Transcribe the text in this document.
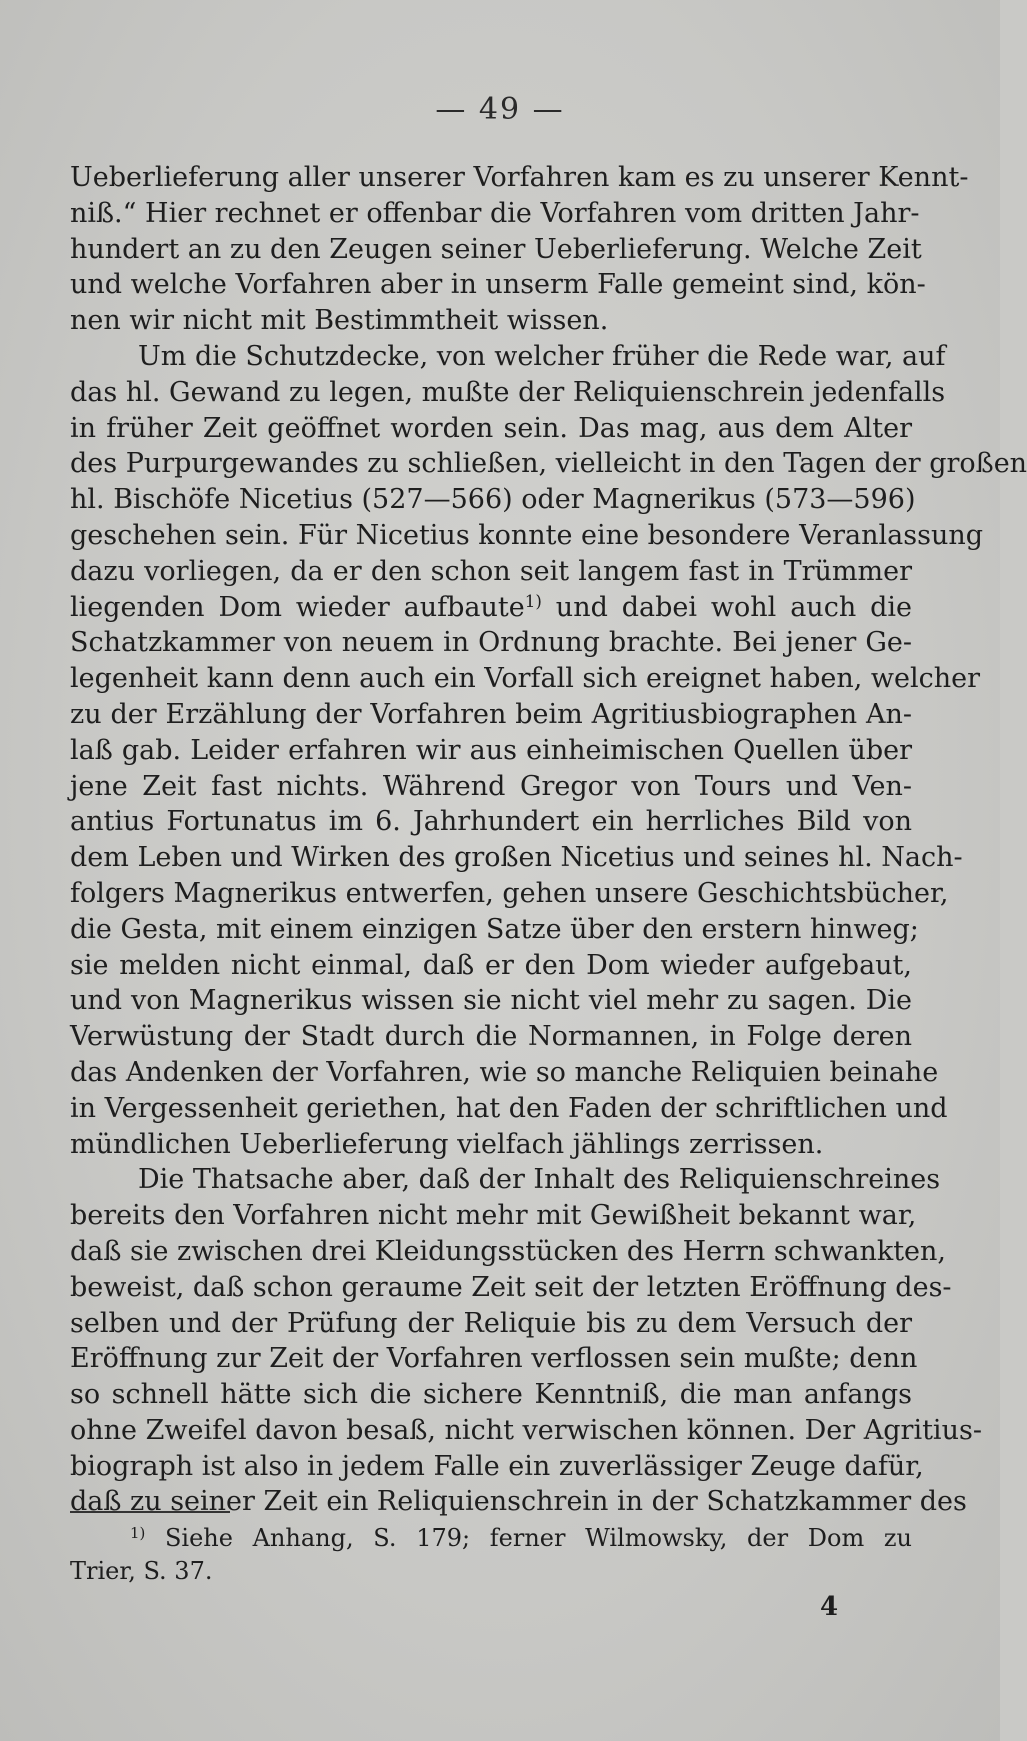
— 49 —
Ueberlieferung aller unserer Vorfahren kam es zu unserer Kennt-
niß.“ Hier rechnet er offenbar die Vorfahren vom dritten Jahr-
hundert an zu den Zeugen seiner Ueberlieferung. Welche Zeit
und welche Vorfahren aber in unserm Falle gemeint sind, kön-
nen wir nicht mit Bestimmtheit wissen.
Um die Schutzdecke, von welcher früher die Rede war, auf
das hl. Gewand zu legen, mußte der Reliquienschrein jedenfalls
in früher Zeit geöffnet worden sein. Das mag, aus dem Alter
des Purpurgewandes zu schließen, vielleicht in den Tagen der großen
hl. Bischöfe Nicetius (527—566) oder Magnerikus (573—596)
geschehen sein. Für Nicetius konnte eine besondere Veranlassung
dazu vorliegen, da er den schon seit langem fast in Trümmer
liegenden Dom wieder aufbaute$^{1)}$ und dabei wohl auch die
Schatzkammer von neuem in Ordnung brachte. Bei jener Ge-
legenheit kann denn auch ein Vorfall sich ereignet haben, welcher
zu der Erzählung der Vorfahren beim Agritiusbiographen An-
laß gab. Leider erfahren wir aus einheimischen Quellen über
jene Zeit fast nichts. Während Gregor von Tours und Ven-
antius Fortunatus im 6. Jahrhundert ein herrliches Bild von
dem Leben und Wirken des großen Nicetius und seines hl. Nach-
folgers Magnerikus entwerfen, gehen unsere Geschichtsbücher,
die Gesta, mit einem einzigen Satze über den erstern hinweg;
sie melden nicht einmal, daß er den Dom wieder aufgebaut,
und von Magnerikus wissen sie nicht viel mehr zu sagen. Die
Verwüstung der Stadt durch die Normannen, in Folge deren
das Andenken der Vorfahren, wie so manche Reliquien beinahe
in Vergessenheit geriethen, hat den Faden der schriftlichen und
mündlichen Ueberlieferung vielfach jählings zerrissen.
Die Thatsache aber, daß der Inhalt des Reliquienschreines
bereits den Vorfahren nicht mehr mit Gewißheit bekannt war,
daß sie zwischen drei Kleidungsstücken des Herrn schwankten,
beweist, daß schon geraume Zeit seit der letzten Eröffnung des-
selben und der Prüfung der Reliquie bis zu dem Versuch der
Eröffnung zur Zeit der Vorfahren verflossen sein mußte; denn
so schnell hätte sich die sichere Kenntniß, die man anfangs
ohne Zweifel davon besaß, nicht verwischen können. Der Agritius-
biograph ist also in jedem Falle ein zuverlässiger Zeuge dafür,
daß zu seiner Zeit ein Reliquienschrein in der Schatzkammer des
$^{1)}$ Siehe Anhang, S. 179; ferner Wilmowsky, der Dom zu
Trier, S. 37.
4
